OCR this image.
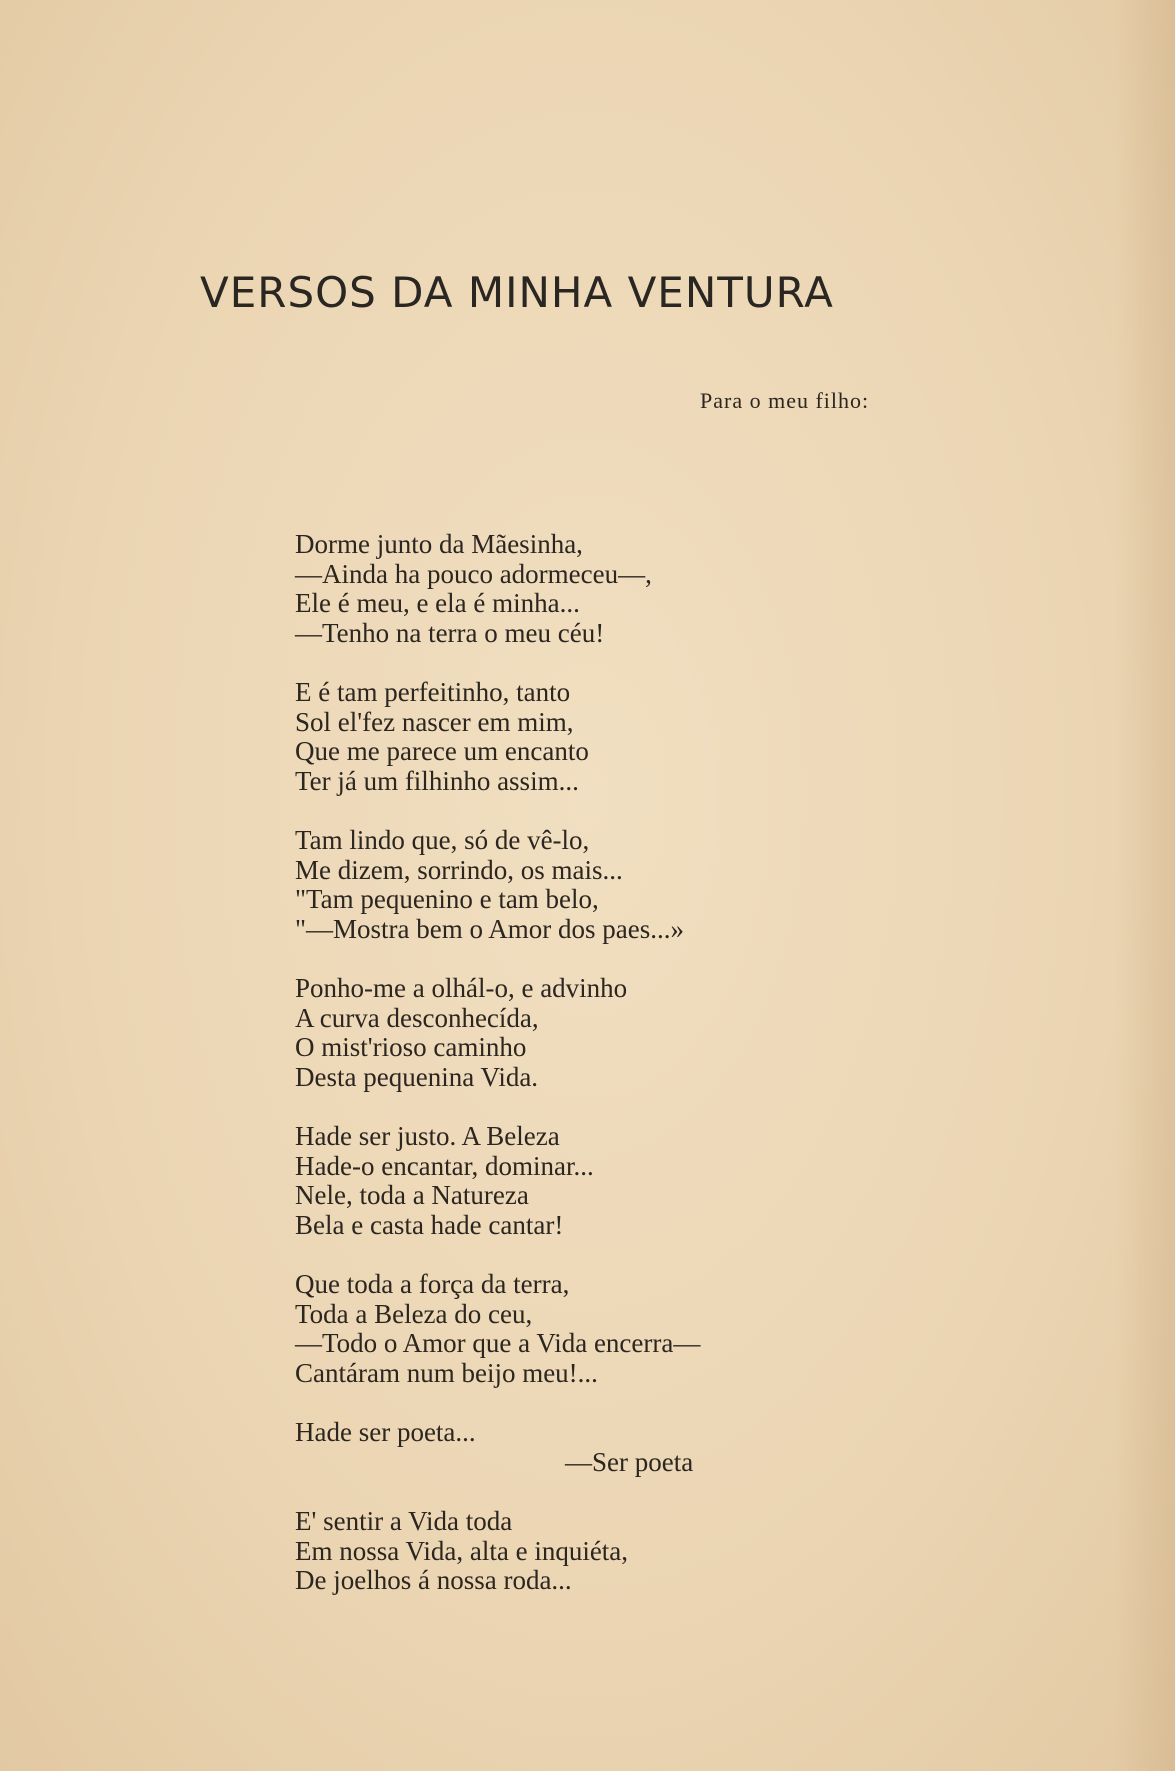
VERSOS DA MINHA VENTURA
Para o meu filho:
Dorme junto da Mãesinha,
—Ainda ha pouco adormeceu—,
Ele é meu, e ela é minha...
—Tenho na terra o meu céu!
E é tam perfeitinho, tanto
Sol el'fez nascer em mim,
Que me parece um encanto
Ter já um filhinho assim...
Tam lindo que, só de vê-lo,
Me dizem, sorrindo, os mais...
"Tam pequenino e tam belo,
"—Mostra bem o Amor dos paes...»
Ponho-me a olhál-o, e advinho
A curva desconhecída,
O mist'rioso caminho
Desta pequenina Vida.
Hade ser justo. A Beleza
Hade-o encantar, dominar...
Nele, toda a Natureza
Bela e casta hade cantar!
Que toda a força da terra,
Toda a Beleza do ceu,
—Todo o Amor que a Vida encerra—
Cantáram num beijo meu!...
Hade ser poeta...
—Ser poeta
E' sentir a Vida toda
Em nossa Vida, alta e inquiéta,
De joelhos á nossa roda...
